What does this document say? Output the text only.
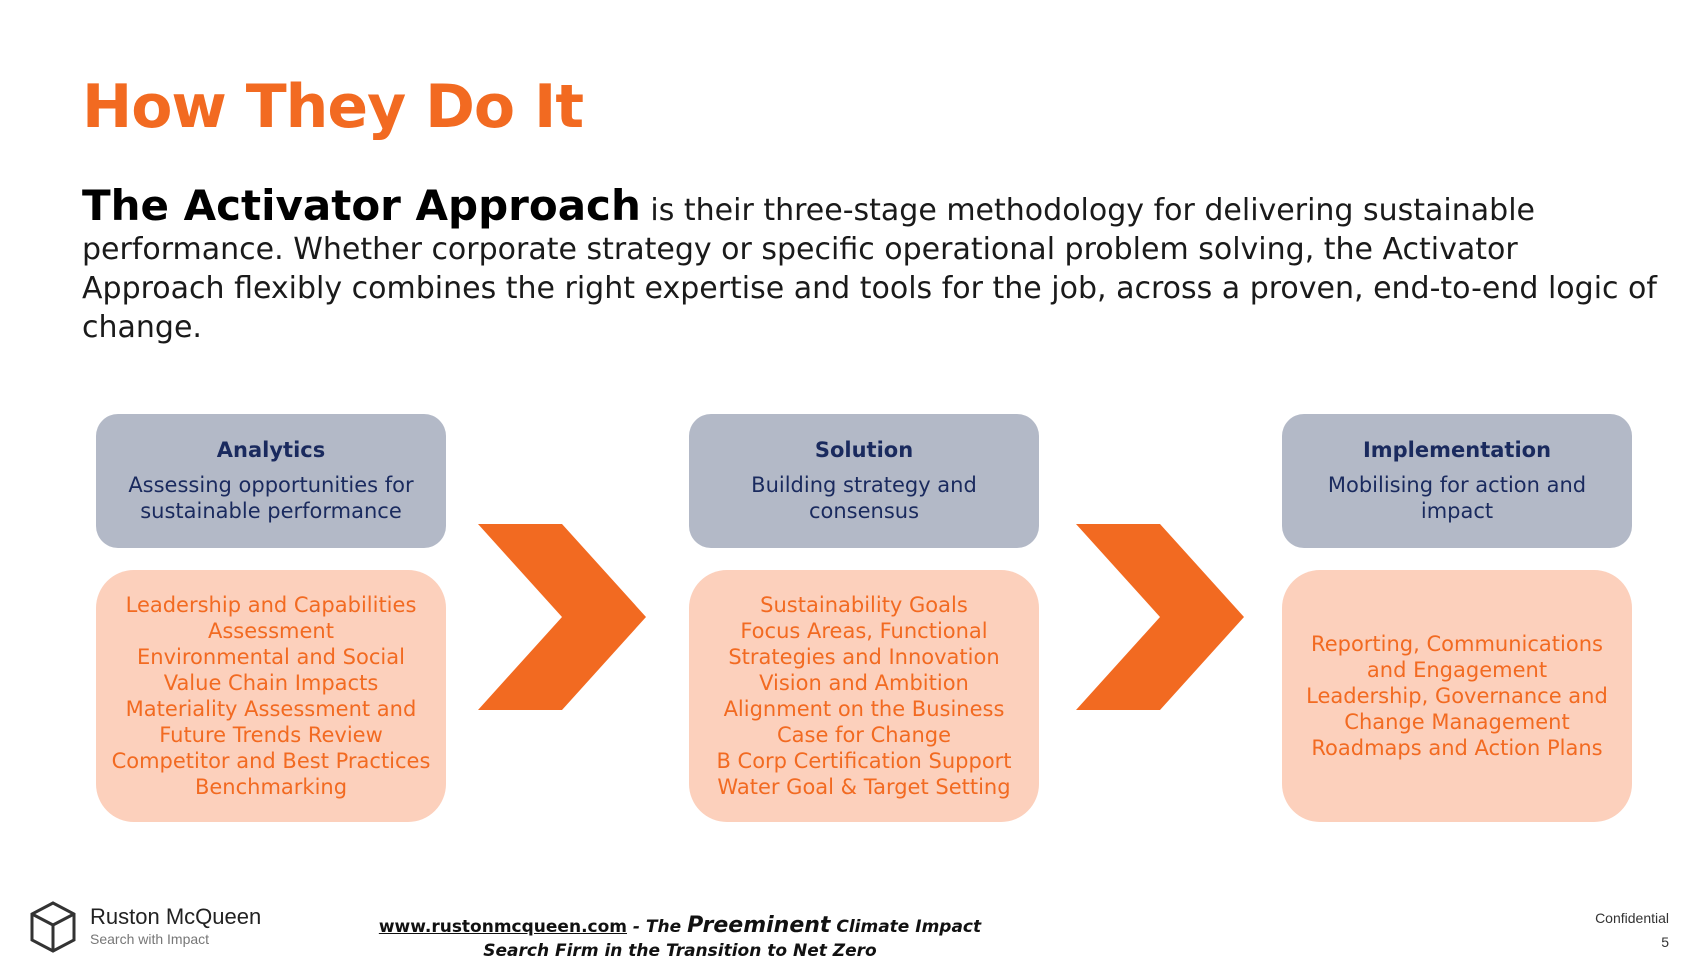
How They Do It
The Activator Approach is their three-stage methodology for delivering sustainable performance. Whether corporate strategy or specific operational problem solving, the Activator Approach flexibly combines the right expertise and tools for the job, across a proven, end-to-end logic of change.
Analytics
Assessing opportunities for sustainable performance
Leadership and Capabilities Assessment
Environmental and Social Value Chain Impacts
Materiality Assessment and Future Trends Review
Competitor and Best Practices Benchmarking
Solution
Building strategy and consensus
Sustainability Goals
Focus Areas, Functional Strategies and Innovation
Vision and Ambition
Alignment on the Business Case for Change
B Corp Certification Support
Water Goal & Target Setting
Implementation
Mobilising for action and impact
Reporting, Communications and Engagement
Leadership, Governance and Change Management
Roadmaps and Action Plans
Ruston McQueen
Search with Impact
www.rustonmcqueen.com - The Preeminent Climate Impact
Search Firm in the Transition to Net Zero
Confidential
5
